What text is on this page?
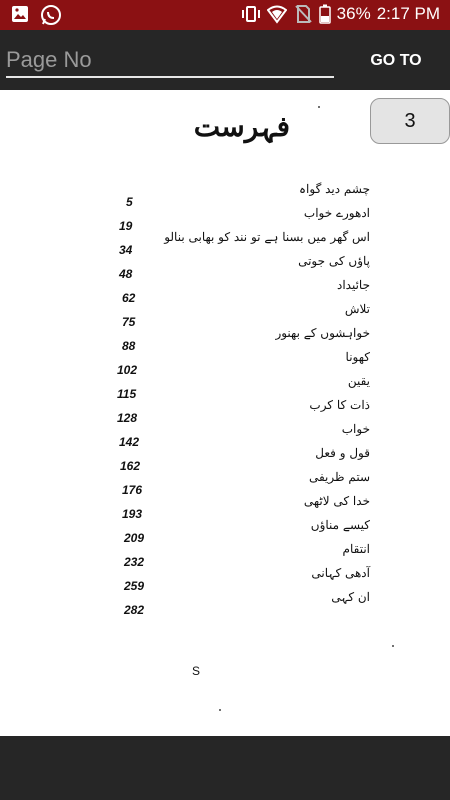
36% 2:17 PM
Page No
GO TO
3
فہرست
چشم دید گواہ
5
ادھورے خواب
19
اس گھر میں بسنا ہے تو نند کو بھابی بنالو
34
پاؤں کی جوتی
48
جائیداد
62
تلاش
75
خواہشوں کے بھنور
88
کھونا
102
یقین
115
ذات کا کرب
128
خواب
142
قول و فعل
162
ستم ظریفی
176
خدا کی لاٹھی
193
کیسے مناؤں
209
انتقام
232
آدھی کہانی
259
ان کہی
282
S
